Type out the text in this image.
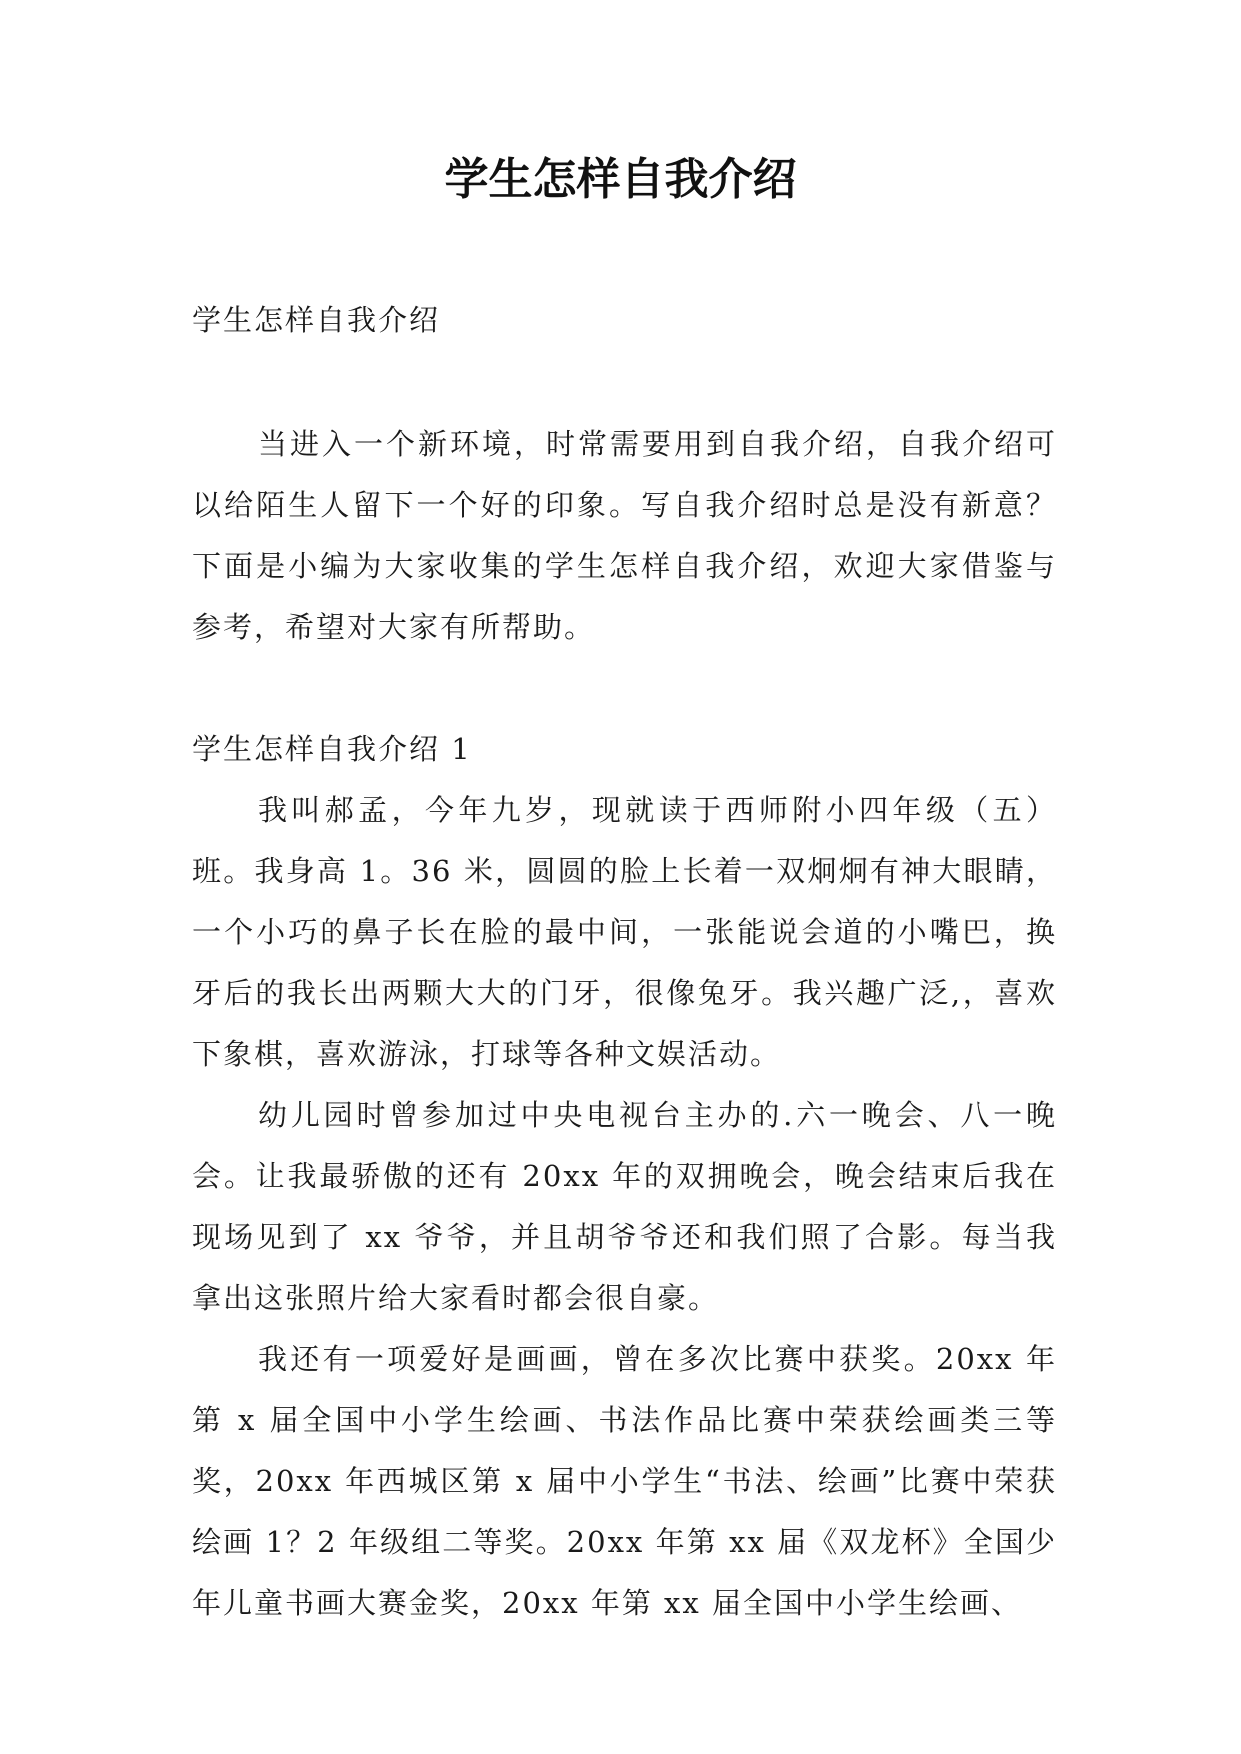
学生怎样自我介绍

学生怎样自我介绍

当进入一个新环境，时常需要用到自我介绍，自我介绍可以给陌生人留下一个好的印象。写自我介绍时总是没有新意？下面是小编为大家收集的学生怎样自我介绍，欢迎大家借鉴与参考，希望对大家有所帮助。

学生怎样自我介绍 1

我叫郝孟，今年九岁，现就读于西师附小四年级（五）班。我身高 1。36 米，圆圆的脸上长着一双炯炯有神大眼睛，一个小巧的鼻子长在脸的最中间，一张能说会道的小嘴巴，换牙后的我长出两颗大大的门牙，很像兔牙。我兴趣广泛,，喜欢下象棋，喜欢游泳，打球等各种文娱活动。

幼儿园时曾参加过中央电视台主办的.六一晚会、八一晚会。让我最骄傲的还有 20xx 年的双拥晚会，晚会结束后我在现场见到了 xx 爷爷，并且胡爷爷还和我们照了合影。每当我拿出这张照片给大家看时都会很自豪。

我还有一项爱好是画画，曾在多次比赛中获奖。20xx 年第 x 届全国中小学生绘画、书法作品比赛中荣获绘画类三等奖，20xx 年西城区第 x 届中小学生“书法、绘画”比赛中荣获绘画 1？2 年级组二等奖。20xx 年第 xx 届《双龙杯》全国少年儿童书画大赛金奖，20xx 年第 xx 届全国中小学生绘画、
